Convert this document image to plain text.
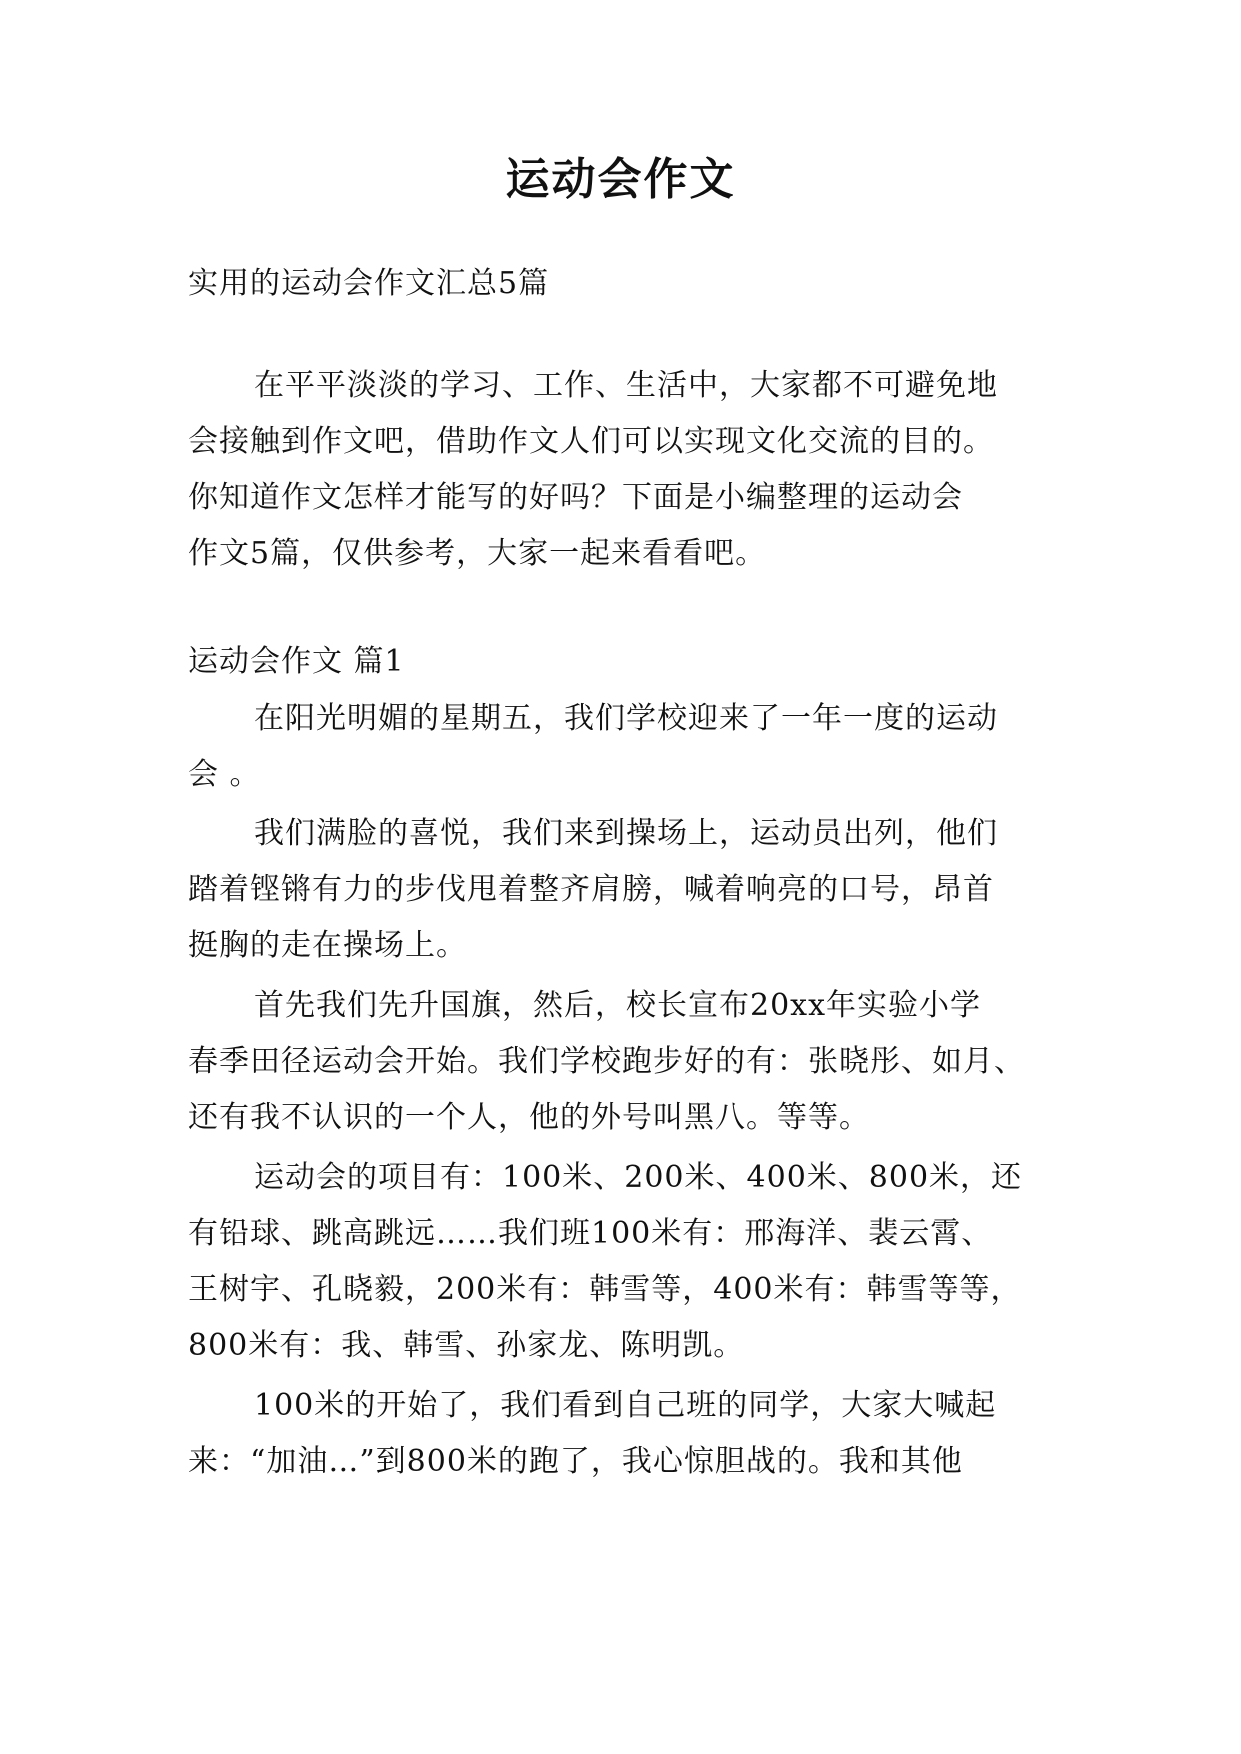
运动会作文

实用的运动会作文汇总5篇

在平平淡淡的学习、工作、生活中，大家都不可避免地

会接触到作文吧，借助作文人们可以实现文化交流的目的。

你知道作文怎样才能写的好吗？下面是小编整理的运动会

作文5篇，仅供参考，大家一起来看看吧。

运动会作文 篇1

在阳光明媚的星期五，我们学校迎来了一年一度的运动

会 。

我们满脸的喜悦，我们来到操场上，运动员出列，他们

踏着铿锵有力的步伐甩着整齐肩膀，喊着响亮的口号，昂首

挺胸的走在操场上。

首先我们先升国旗，然后，校长宣布20xx年实验小学

春季田径运动会开始。我们学校跑步好的有：张晓彤、如月、

还有我不认识的一个人，他的外号叫黑八。等等。

运动会的项目有：100米、200米、400米、800米，还

有铅球、跳高跳远……我们班100米有：邢海洋、裴云霄、

王树宇、孔晓毅，200米有：韩雪等，400米有：韩雪等等，

800米有：我、韩雪、孙家龙、陈明凯。

100米的开始了，我们看到自己班的同学，大家大喊起

来：“加油…”到800米的跑了，我心惊胆战的。我和其他
